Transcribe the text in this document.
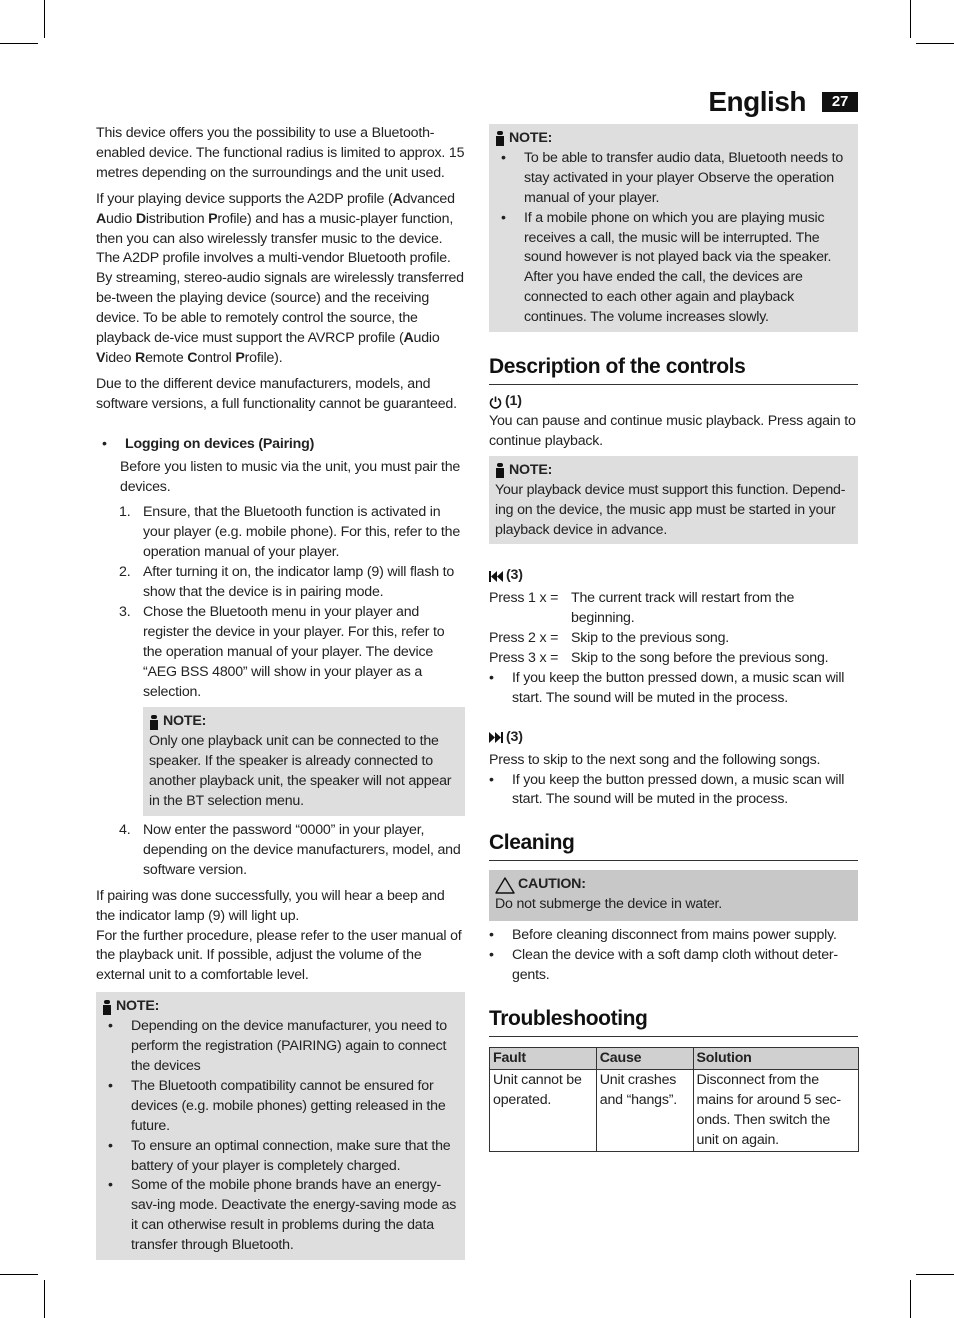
English	27

This device offers you the possibility to use a Bluetooth-enabled device. The functional radius is limited to approx. 15 metres depending on the surroundings and the unit used.

If your playing device supports the A2DP profile (Advanced Audio Distribution Profile) and has a music-player function, then you can also wirelessly transfer music to the device. The A2DP profile involves a multi-vendor Bluetooth profile. By streaming, stereo-audio signals are wirelessly transferred be-tween the playing device (source) and the receiving device. To be able to remotely control the source, the playback de-vice must support the AVRCP profile (Audio Video Remote Control Profile).

Due to the different device manufacturers, models, and software versions, a full functionality cannot be guaranteed.

•	Logging on devices (Pairing)
Before you listen to music via the unit, you must pair the devices.
1. Ensure, that the Bluetooth function is activated in your player (e.g. mobile phone). For this, refer to the operation manual of your player.
2. After turning it on, the indicator lamp (9) will flash to show that the device is in pairing mode.
3. Chose the Bluetooth menu in your player and register the device in your player. For this, refer to the operation manual of your player. The device “AEG BSS 4800” will show in your player as a selection.
NOTE:
Only one playback unit can be connected to the speaker. If the speaker is already connected to another playback unit, the speaker will not appear in the BT selection menu.
4. Now enter the password “0000” in your player, depending on the device manufacturers, model, and software version.
If pairing was done successfully, you will hear a beep and the indicator lamp (9) will light up.
For the further procedure, please refer to the user manual of the playback unit. If possible, adjust the volume of the external unit to a comfortable level.
NOTE:
•	Depending on the device manufacturer, you need to perform the registration (PAIRING) again to connect the devices
•	The Bluetooth compatibility cannot be ensured for devices (e.g. mobile phones) getting released in the future.
•	To ensure an optimal connection, make sure that the battery of your player is completely charged.
•	Some of the mobile phone brands have an energy-sav-ing mode. Deactivate the energy-saving mode as it can otherwise result in problems during the data transfer through Bluetooth.
NOTE:
•	To be able to transfer audio data, Bluetooth needs to stay activated in your player Observe the operation manual of your player.
•	If a mobile phone on which you are playing music receives a call, the music will be interrupted. The sound however is not played back via the speaker. After you have ended the call, the devices are connected to each other again and playback continues. The volume increases slowly.
Description of the controls
(1)
You can pause and continue music playback. Press again to continue playback.
NOTE:
Your playback device must support this function. Depend-ing on the device, the music app must be started in your playback device in advance.
(3)
Press 1 x = The current track will restart from the beginning.
Press 2 x = Skip to the previous song.
Press 3 x = Skip to the song before the previous song.
•	If you keep the button pressed down, a music scan will start. The sound will be muted in the process.
(3)
Press to skip to the next song and the following songs.
•	If you keep the button pressed down, a music scan will start. The sound will be muted in the process.
Cleaning
CAUTION:
Do not submerge the device in water.
•	Before cleaning disconnect from mains power supply.
•	Clean the device with a soft damp cloth without deter-gents.
Troubleshooting
Fault	Cause	Solution
Unit cannot be operated.	Unit crashes and “hangs”.	Disconnect from the mains for around 5 sec-onds. Then switch the unit on again.
